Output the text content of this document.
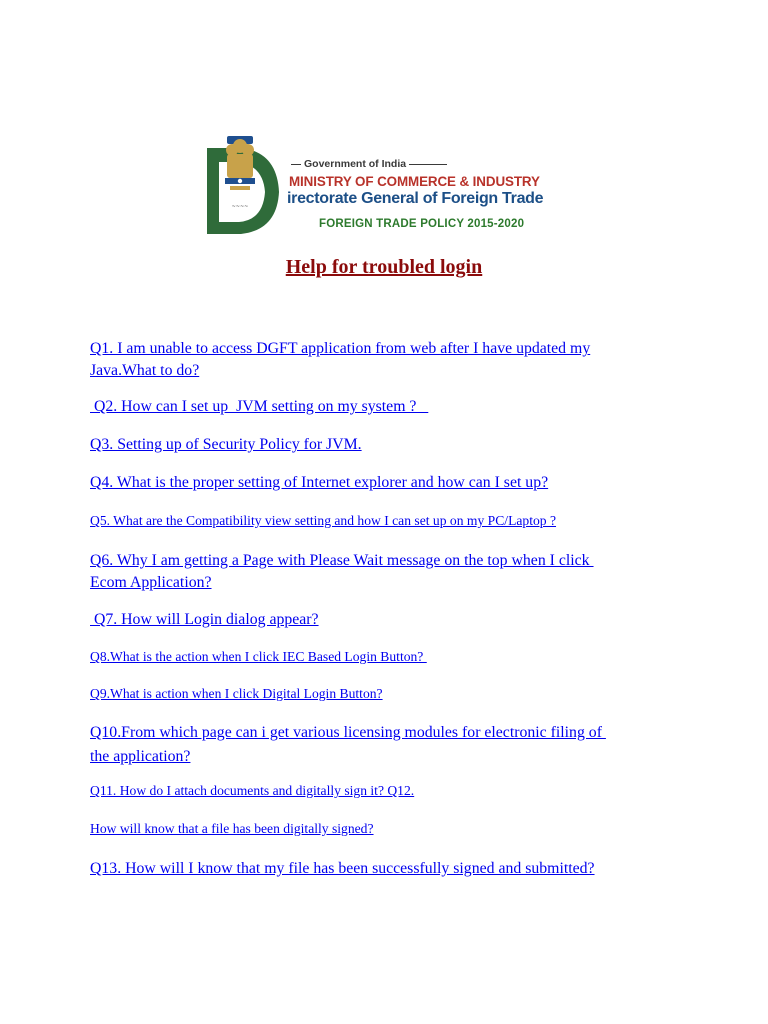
~~~~
Government of India
MINISTRY OF COMMERCE & INDUSTRY
irectorate General of Foreign Trade
FOREIGN TRADE POLICY 2015-2020
Help for troubled login
Q1. I am unable to access DGFT application from web after I have updated my
Java.What to do?
Q2. How can I set up  JVM setting on my system ?
Q3. Setting up of Security Policy for JVM.
Q4. What is the proper setting of Internet explorer and how can I set up?
Q5. What are the Compatibility view setting and how I can set up on my PC/Laptop ?
Q6. Why I am getting a Page with Please Wait message on the top when I click
Ecom Application?
Q7. How will Login dialog appear?
Q8.What is the action when I click IEC Based Login Button?
Q9.What is action when I click Digital Login Button?
Q10.From which page can i get various licensing modules for electronic filing of
the application?
Q11. How do I attach documents and digitally sign it? Q12.
How will know that a file has been digitally signed?
Q13. How will I know that my file has been successfully signed and submitted?
